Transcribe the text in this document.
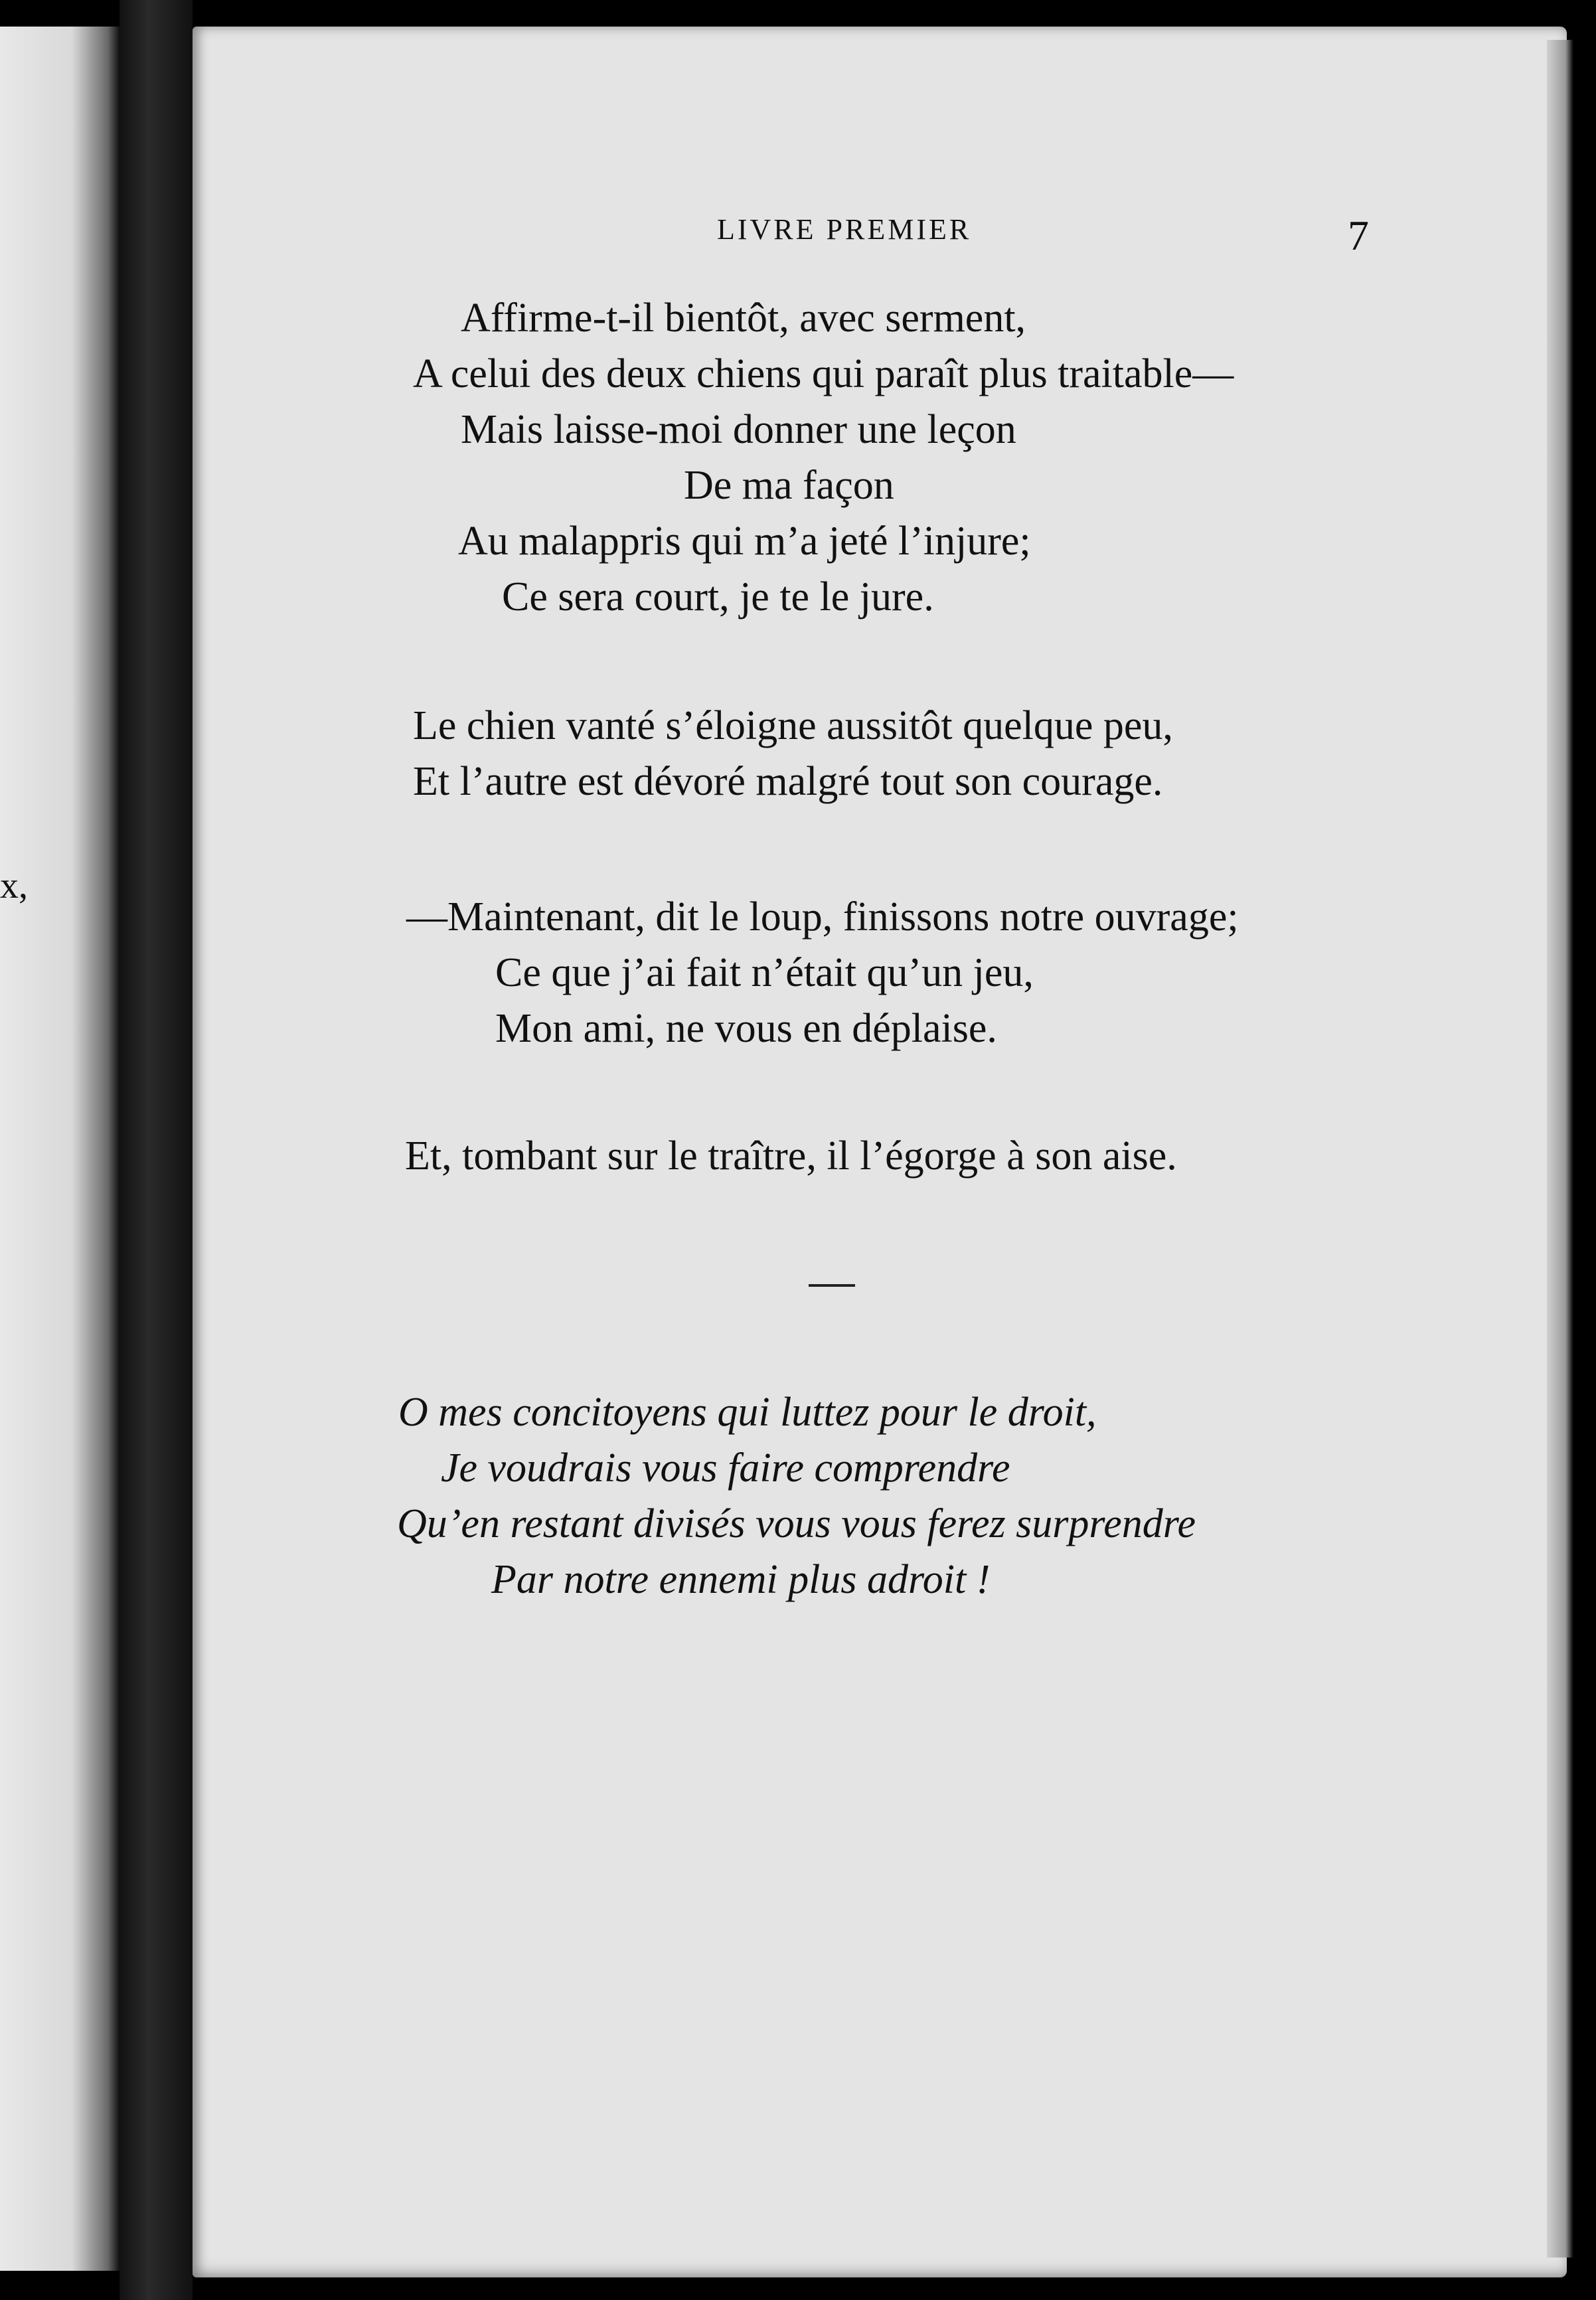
x,
LIVRE PREMIER	7
Affirme-t-il bientôt, avec serment,
A celui des deux chiens qui paraît plus traitable—
Mais laisse-moi donner une leçon
De ma façon
Au malappris qui m’a jeté l’injure;
Ce sera court, je te le jure.
Le chien vanté s’éloigne aussitôt quelque peu,
Et l’autre est dévoré malgré tout son courage.
—Maintenant, dit le loup, finissons notre ouvrage;
Ce que j’ai fait n’était qu’un jeu,
Mon ami, ne vous en déplaise.
Et, tombant sur le traître, il l’égorge à son aise.
O mes concitoyens qui luttez pour le droit,
Je voudrais vous faire comprendre
Qu’en restant divisés vous vous ferez surprendre
Par notre ennemi plus adroit !
